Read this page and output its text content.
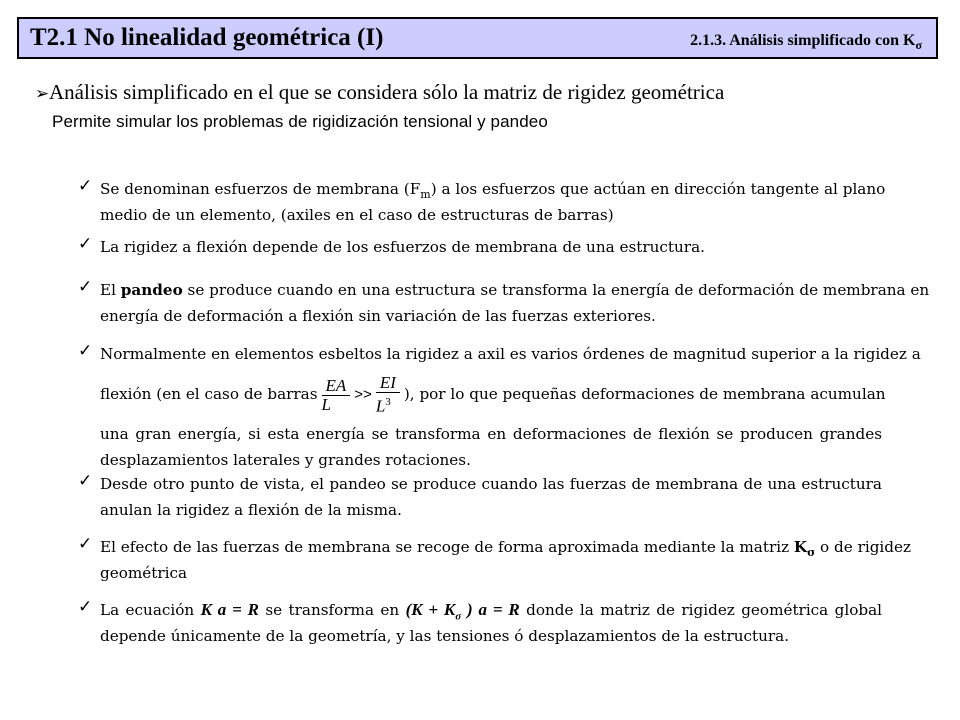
T2.1 No linealidad geométrica (I)	2.1.3. Análisis simplificado con $K_\sigma$
➢Análisis simplificado en el que se considera sólo la matriz de rigidez geométrica
Permite simular los problemas de rigidización tensional y pandeo
✓ Se denominan esfuerzos de membrana $(F_m)$ a los esfuerzos que actúan en dirección tangente al plano
medio de un elemento, (axiles en el caso de estructuras de barras)
✓ La rigidez a flexión depende de los esfuerzos de membrana de una estructura.
✓ El pandeo se produce cuando en una estructura se transforma la energía de deformación de membrana en
energía de deformación a flexión sin variación de las fuerzas exteriores.
✓ Normalmente en elementos esbeltos la rigidez a axil es varios órdenes de magnitud superior a la rigidez a
flexión (en el caso de barras $\frac{EA}{L} >> \frac{EI}{L^3}$ ), por lo que pequeñas deformaciones de membrana acumulan
una gran energía, si esta energía se transforma en deformaciones de flexión se producen grandes
desplazamientos laterales y grandes rotaciones.
✓ Desde otro punto de vista, el pandeo se produce cuando las fuerzas de membrana de una estructura
anulan la rigidez a flexión de la misma.
✓ El efecto de las fuerzas de membrana se recoge de forma aproximada mediante la matriz $K_\sigma$ o de rigidez
geométrica
✓ La ecuación K a = R se transforma en ($K + K_\sigma$ ) a = R donde la matriz de rigidez geométrica global
depende únicamente de la geometría, y las tensiones ó desplazamientos de la estructura.
